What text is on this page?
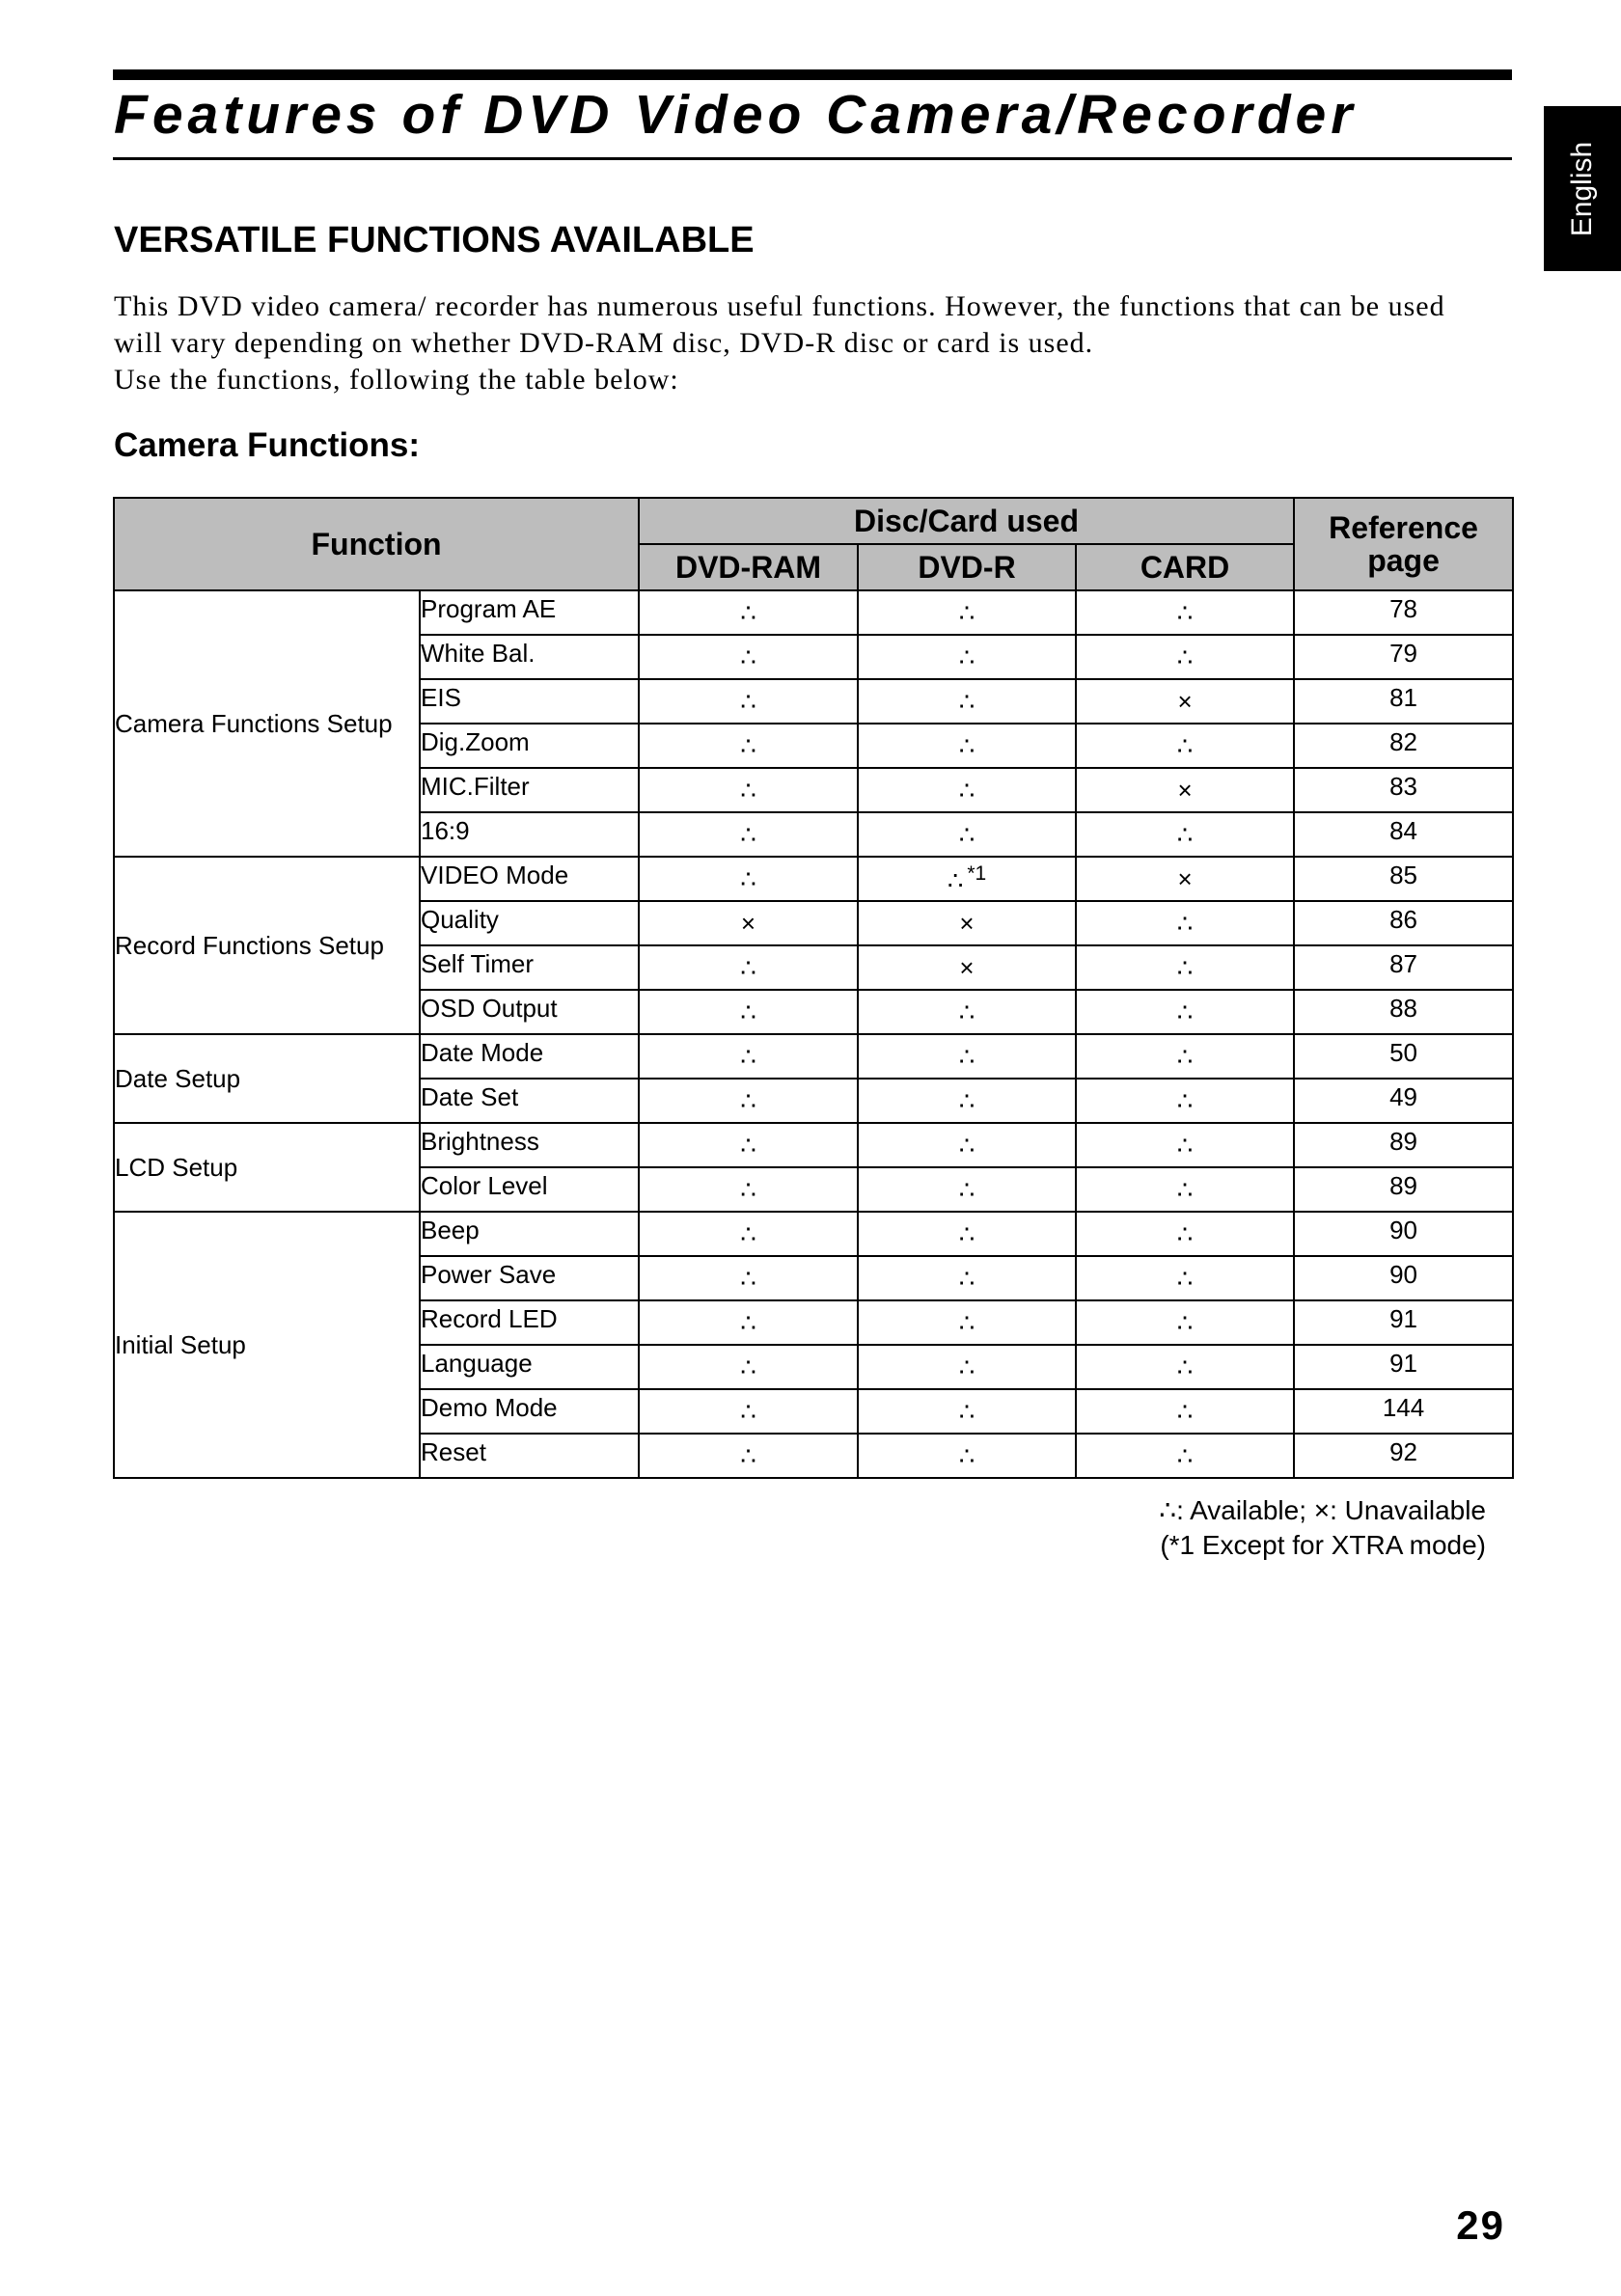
Features of DVD Video Camera/Recorder
English
VERSATILE FUNCTIONS AVAILABLE

This DVD video camera/ recorder has numerous useful functions. However, the functions that can be used
will vary depending on whether DVD-RAM disc, DVD-R disc or card is used.
Use the functions, following the table below:

Camera Functions:
Function		Disc/Card used			Reference page
		DVD-RAM	DVD-R	CARD	
Camera Functions Setup	Program AE	∴	∴	∴	78
	White Bal.	∴	∴	∴	79
	EIS	∴	∴	×	81
	Dig.Zoom	∴	∴	∴	82
	MIC.Filter	∴	∴	×	83
	16:9	∴	∴	∴	84
Record Functions Setup	VIDEO Mode	∴	∴ $^{*1}$	×	85
	Quality	×	×	∴	86
	Self Timer	∴	×	∴	87
	OSD Output	∴	∴	∴	88
Date Setup	Date Mode	∴	∴	∴	50
	Date Set	∴	∴	∴	49
LCD Setup	Brightness	∴	∴	∴	89
	Color Level	∴	∴	∴	89
Initial Setup	Beep	∴	∴	∴	90
	Power Save	∴	∴	∴	90
	Record LED	∴	∴	∴	91
	Language	∴	∴	∴	91
	Demo Mode	∴	∴	∴	144
	Reset	∴	∴	∴	92
∴: Available; ×: Unavailable
(*1 Except for XTRA mode)

29
